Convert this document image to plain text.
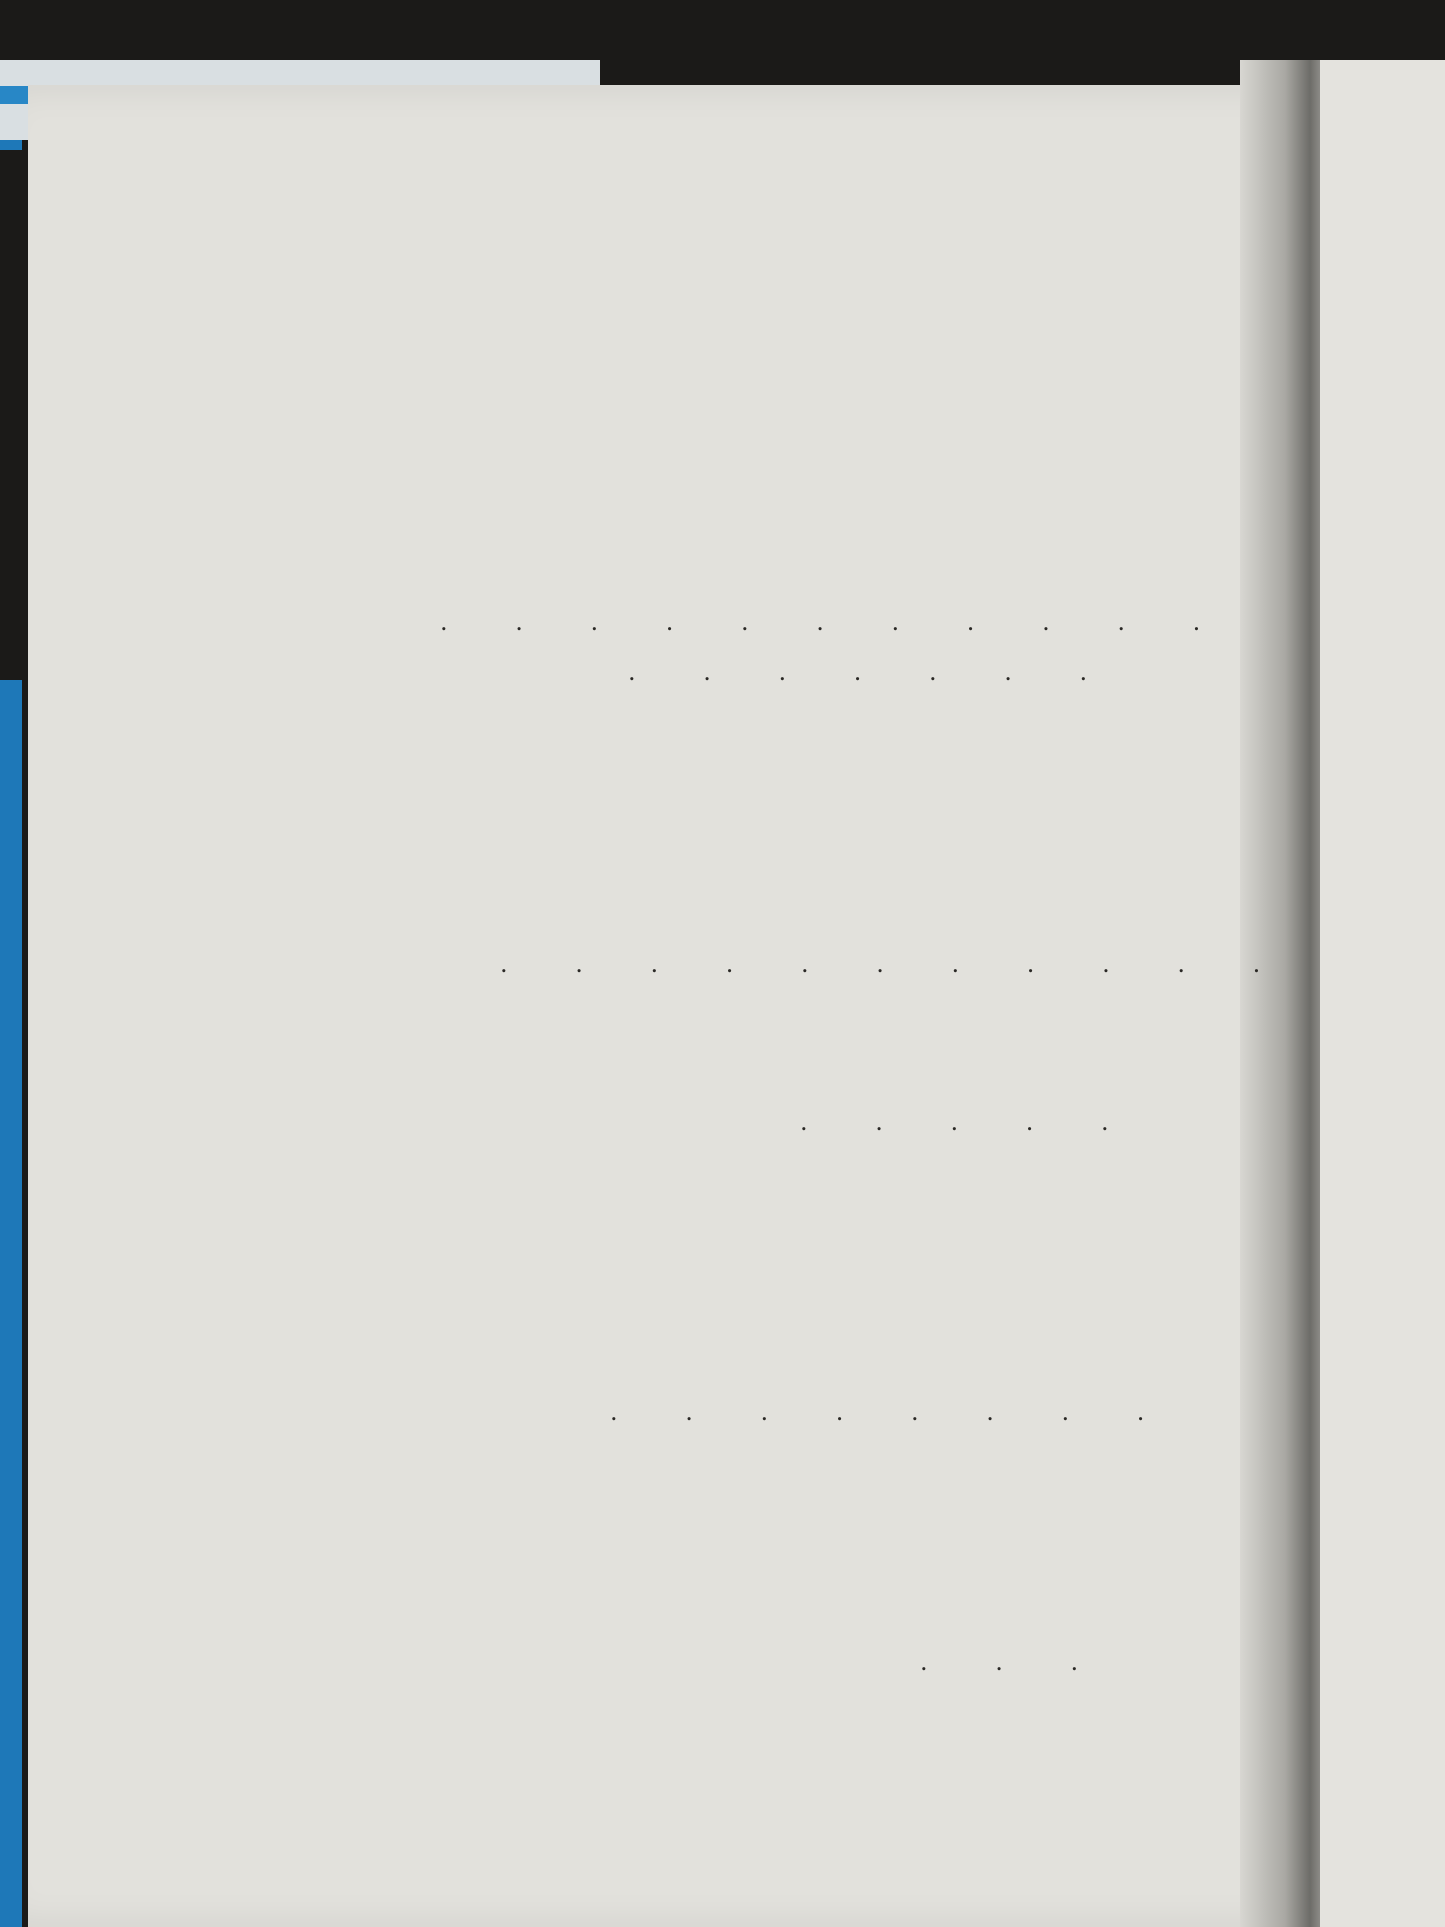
. . . . . . . . . . .
. . . . . . .
. . . . . . . . . . .
. . . . .
. . . . . . . .
. . .
